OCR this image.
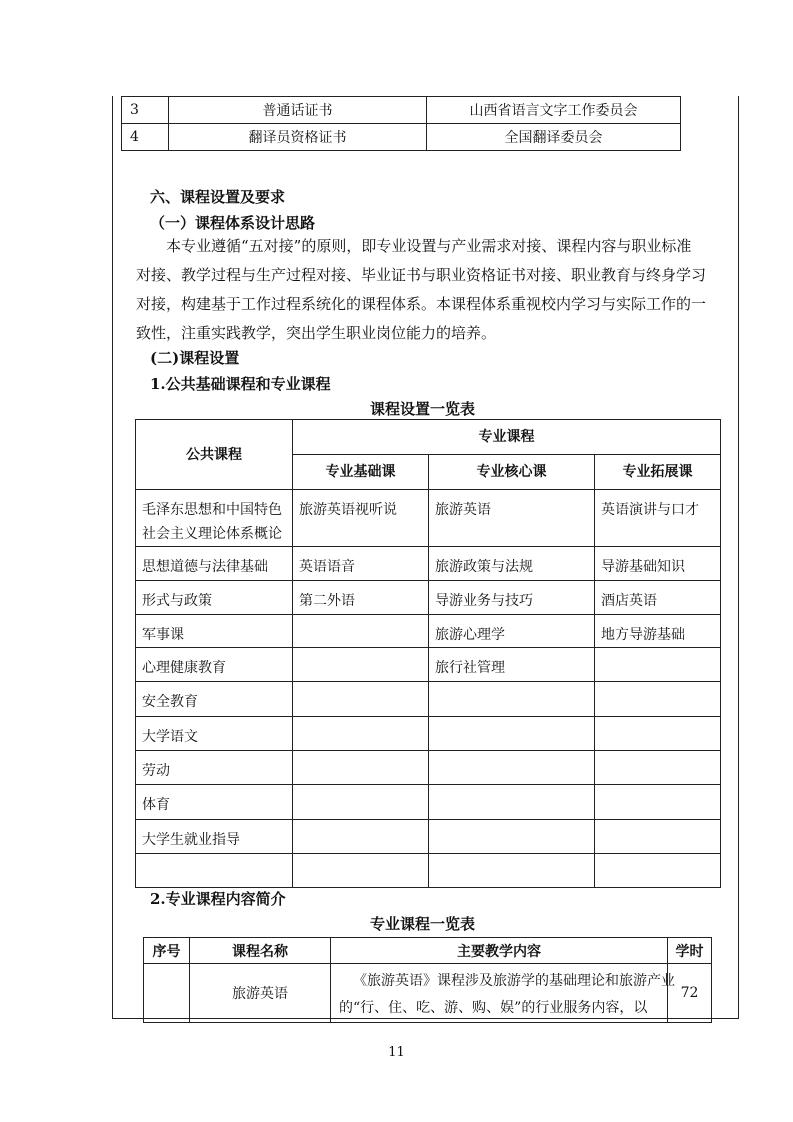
3	普通话证书	山西省语言文字工作委员会
4	翻译员资格证书	全国翻译委员会
六、课程设置及要求
（一）课程体系设计思路
本专业遵循“五对接”的原则，即专业设置与产业需求对接、课程内容与职业标准
对接、教学过程与生产过程对接、毕业证书与职业资格证书对接、职业教育与终身学习
对接，构建基于工作过程系统化的课程体系。本课程体系重视校内学习与实际工作的一
致性，注重实践教学，突出学生职业岗位能力的培养。
(二)课程设置
1.公共基础课程和专业课程
课程设置一览表
公共课程	专业课程		
	专业基础课	专业核心课	专业拓展课
毛泽东思想和中国特色社会主义理论体系概论	旅游英语视听说	旅游英语	英语演讲与口才
思想道德与法律基础	英语语音	旅游政策与法规	导游基础知识
形式与政策	第二外语	导游业务与技巧	酒店英语
军事课		旅游心理学	地方导游基础
心理健康教育		旅行社管理	
安全教育			
大学语文			
劳动			
体育			
大学生就业指导			

2.专业课程内容简介
专业课程一览表
序号	课程名称	主要教学内容	学时
	旅游英语	《旅游英语》课程涉及旅游学的基础理论和旅游产业
的“行、住、吃、游、购、娱”的行业服务内容，以	72
11
